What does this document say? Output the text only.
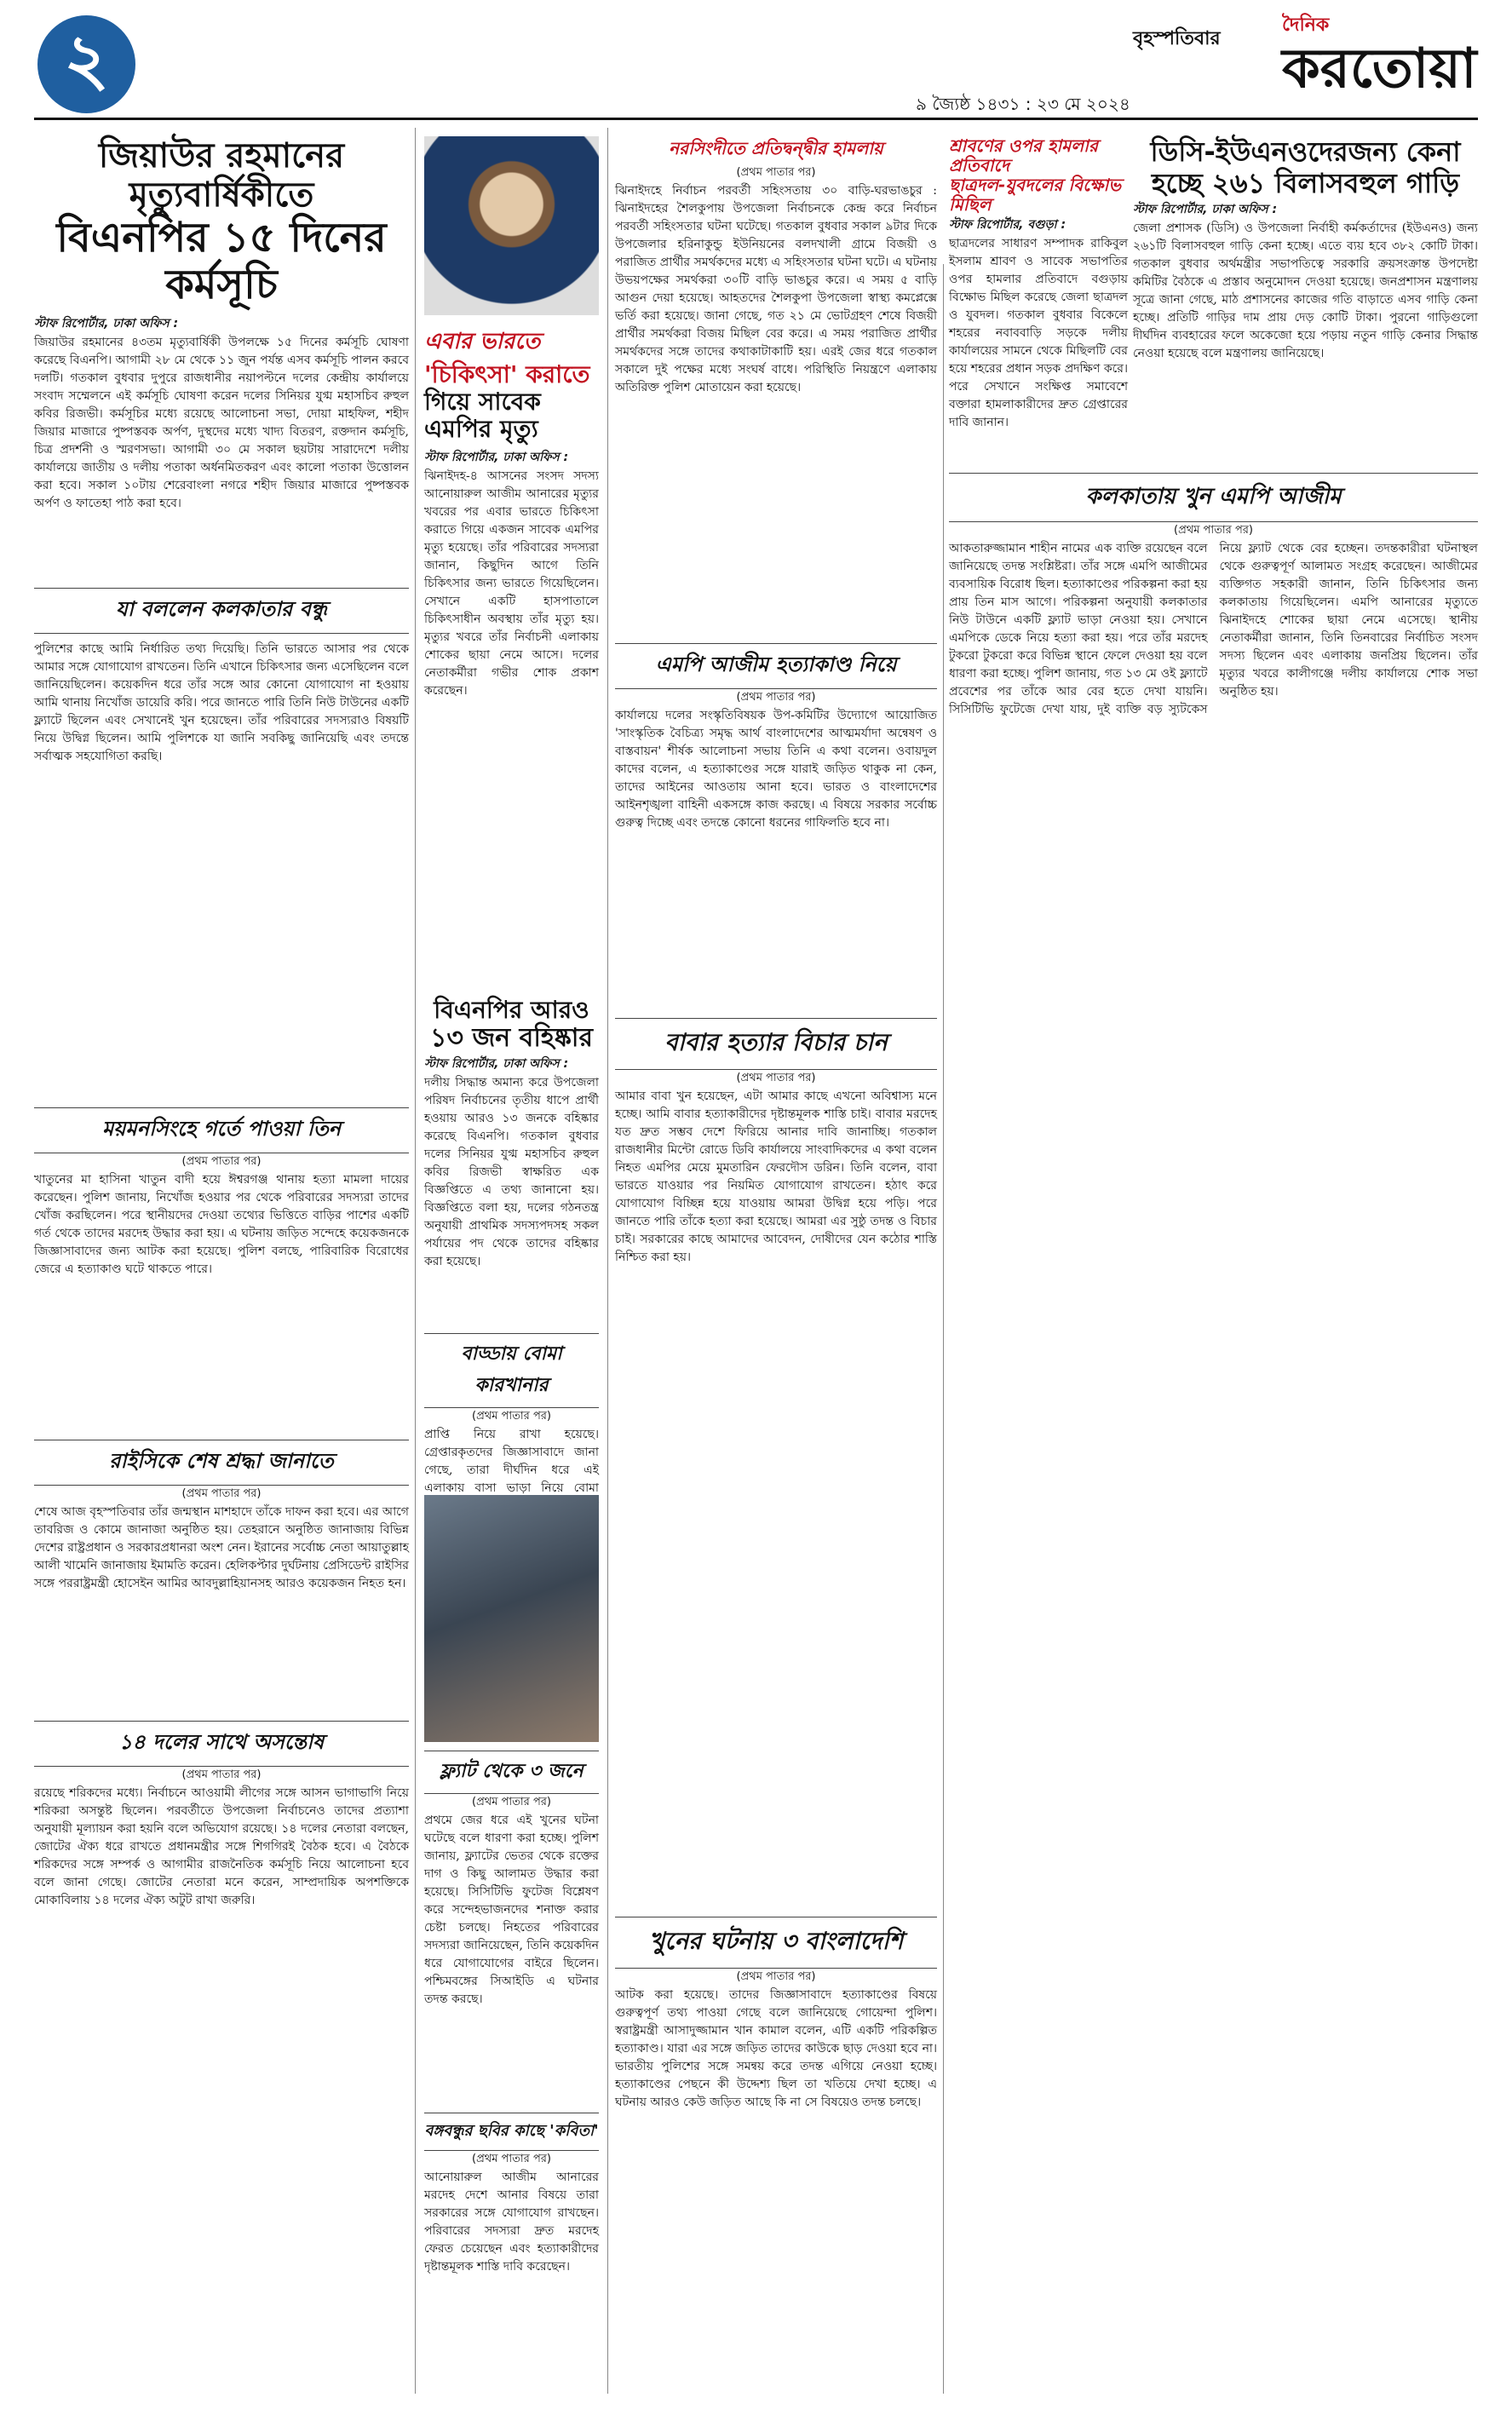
২	বৃহস্পতিবার
৯ জ্যৈষ্ঠ ১৪৩১ : ২৩ মে ২০২৪
দৈনিক
করতোয়া
জিয়াউর রহমানের মৃত্যুবার্ষিকীতে
বিএনপির ১৫ দিনের কর্মসূচি
স্টাফ রিপোর্টার, ঢাকা অফিস :
জিয়াউর রহমানের ৪৩তম মৃত্যুবার্ষিকী উপলক্ষে ১৫ দিনের কর্মসূচি ঘোষণা করেছে বিএনপি। আগামী ২৮ মে থেকে ১১ জুন পর্যন্ত এসব কর্মসূচি পালন করবে দলটি। গতকাল বুধবার দুপুরে রাজধানীর নয়াপল্টনে দলের কেন্দ্রীয় কার্যালয়ে সংবাদ সম্মেলনে এই কর্মসূচি ঘোষণা করেন দলের সিনিয়র যুগ্ম মহাসচিব রুহুল কবির রিজভী। কর্মসূচির মধ্যে রয়েছে আলোচনা সভা, দোয়া মাহফিল, শহীদ জিয়ার মাজারে পুষ্পস্তবক অর্পণ, দুস্থদের মধ্যে খাদ্য বিতরণ, রক্তদান কর্মসূচি, চিত্র প্রদর্শনী ও স্মরণসভা। আগামী ৩০ মে সকাল ছয়টায় সারাদেশে দলীয় কার্যালয়ে জাতীয় ও দলীয় পতাকা অর্ধনমিতকরণ এবং কালো পতাকা উত্তোলন করা হবে। সকাল ১০টায় শেরেবাংলা নগরে শহীদ জিয়ার মাজারে পুষ্পস্তবক অর্পণ ও ফাতেহা পাঠ করা হবে।
যা বললেন কলকাতার বন্ধু
পুলিশের কাছে আমি নির্ধারিত তথ্য দিয়েছি। তিনি ভারতে আসার পর থেকে আমার সঙ্গে যোগাযোগ রাখতেন। তিনি এখানে চিকিৎসার জন্য এসেছিলেন বলে জানিয়েছিলেন। কয়েকদিন ধরে তাঁর সঙ্গে আর কোনো যোগাযোগ না হওয়ায় আমি থানায় নিখোঁজ ডায়েরি করি। পরে জানতে পারি তিনি নিউ টাউনের একটি ফ্ল্যাটে ছিলেন এবং সেখানেই খুন হয়েছেন। তাঁর পরিবারের সদস্যরাও বিষয়টি নিয়ে উদ্বিগ্ন ছিলেন। আমি পুলিশকে যা জানি সবকিছু জানিয়েছি এবং তদন্তে সর্বাত্মক সহযোগিতা করছি।
ময়মনসিংহে গর্তে পাওয়া তিন
(প্রথম পাতার পর)
খাতুনের মা হাসিনা খাতুন বাদী হয়ে ঈশ্বরগঞ্জ থানায় হত্যা মামলা দায়ের করেছেন। পুলিশ জানায়, নিখোঁজ হওয়ার পর থেকে পরিবারের সদস্যরা তাদের খোঁজ করছিলেন। পরে স্থানীয়দের দেওয়া তথ্যের ভিত্তিতে বাড়ির পাশের একটি গর্ত থেকে তাদের মরদেহ উদ্ধার করা হয়। এ ঘটনায় জড়িত সন্দেহে কয়েকজনকে জিজ্ঞাসাবাদের জন্য আটক করা হয়েছে। পুলিশ বলছে, পারিবারিক বিরোধের জেরে এ হত্যাকাণ্ড ঘটে থাকতে পারে।
রাইসিকে শেষ শ্রদ্ধা জানাতে
(প্রথম পাতার পর)
শেষে আজ বৃহস্পতিবার তাঁর জন্মস্থান মাশহাদে তাঁকে দাফন করা হবে। এর আগে তাবরিজ ও কোমে জানাজা অনুষ্ঠিত হয়। তেহরানে অনুষ্ঠিত জানাজায় বিভিন্ন দেশের রাষ্ট্রপ্রধান ও সরকারপ্রধানরা অংশ নেন। ইরানের সর্বোচ্চ নেতা আয়াতুল্লাহ আলী খামেনি জানাজায় ইমামতি করেন। হেলিকপ্টার দুর্ঘটনায় প্রেসিডেন্ট রাইসির সঙ্গে পররাষ্ট্রমন্ত্রী হোসেইন আমির আবদুল্লাহিয়ানসহ আরও কয়েকজন নিহত হন।
১৪ দলের সাথে অসন্তোষ
(প্রথম পাতার পর)
রয়েছে শরিকদের মধ্যে। নির্বাচনে আওয়ামী লীগের সঙ্গে আসন ভাগাভাগি নিয়ে শরিকরা অসন্তুষ্ট ছিলেন। পরবর্তীতে উপজেলা নির্বাচনেও তাদের প্রত্যাশা অনুযায়ী মূল্যায়ন করা হয়নি বলে অভিযোগ রয়েছে। ১৪ দলের নেতারা বলছেন, জোটের ঐক্য ধরে রাখতে প্রধানমন্ত্রীর সঙ্গে শিগগিরই বৈঠক হবে। এ বৈঠকে শরিকদের সঙ্গে সম্পর্ক ও আগামীর রাজনৈতিক কর্মসূচি নিয়ে আলোচনা হবে বলে জানা গেছে। জোটের নেতারা মনে করেন, সাম্প্রদায়িক অপশক্তিকে মোকাবিলায় ১৪ দলের ঐক্য অটুট রাখা জরুরি।
এবার ভারতে
'চিকিৎসা' করাতে
গিয়ে সাবেক
এমপির মৃত্যু
স্টাফ রিপোর্টার, ঢাকা অফিস :
ঝিনাইদহ-৪ আসনের সংসদ সদস্য আনোয়ারুল আজীম আনারের মৃত্যুর খবরের পর এবার ভারতে চিকিৎসা করাতে গিয়ে একজন সাবেক এমপির মৃত্যু হয়েছে। তাঁর পরিবারের সদস্যরা জানান, কিছুদিন আগে তিনি চিকিৎসার জন্য ভারতে গিয়েছিলেন। সেখানে একটি হাসপাতালে চিকিৎসাধীন অবস্থায় তাঁর মৃত্যু হয়। মৃত্যুর খবরে তাঁর নির্বাচনী এলাকায় শোকের ছায়া নেমে আসে। দলের নেতাকর্মীরা গভীর শোক প্রকাশ করেছেন।
বিএনপির আরও
১৩ জন বহিষ্কার
স্টাফ রিপোর্টার, ঢাকা অফিস :
দলীয় সিদ্ধান্ত অমান্য করে উপজেলা পরিষদ নির্বাচনের তৃতীয় ধাপে প্রার্থী হওয়ায় আরও ১৩ জনকে বহিষ্কার করেছে বিএনপি। গতকাল বুধবার দলের সিনিয়র যুগ্ম মহাসচিব রুহুল কবির রিজভী স্বাক্ষরিত এক বিজ্ঞপ্তিতে এ তথ্য জানানো হয়। বিজ্ঞপ্তিতে বলা হয়, দলের গঠনতন্ত্র অনুযায়ী প্রাথমিক সদস্যপদসহ সকল পর্যায়ের পদ থেকে তাদের বহিষ্কার করা হয়েছে।
বাড্ডায় বোমা কারখানার
(প্রথম পাতার পর)
প্রাপ্তি নিয়ে রাখা হয়েছে। গ্রেপ্তারকৃতদের জিজ্ঞাসাবাদে জানা গেছে, তারা দীর্ঘদিন ধরে এই এলাকায় বাসা ভাড়া নিয়ে বোমা
ফ্ল্যাট থেকে ৩ জনে
(প্রথম পাতার পর)
প্রথমে জের ধরে এই খুনের ঘটনা ঘটেছে বলে ধারণা করা হচ্ছে। পুলিশ জানায়, ফ্ল্যাটের ভেতর থেকে রক্তের দাগ ও কিছু আলামত উদ্ধার করা হয়েছে। সিসিটিভি ফুটেজ বিশ্লেষণ করে সন্দেহভাজনদের শনাক্ত করার চেষ্টা চলছে। নিহতের পরিবারের সদস্যরা জানিয়েছেন, তিনি কয়েকদিন ধরে যোগাযোগের বাইরে ছিলেন। পশ্চিমবঙ্গের সিআইডি এ ঘটনার তদন্ত করছে।
বঙ্গবন্ধুর ছবির কাছে 'কবিতা'
(প্রথম পাতার পর)
আনোয়ারুল আজীম আনারের মরদেহ দেশে আনার বিষয়ে তারা সরকারের সঙ্গে যোগাযোগ রাখছেন। পরিবারের সদস্যরা দ্রুত মরদেহ ফেরত চেয়েছেন এবং হত্যাকারীদের দৃষ্টান্তমূলক শাস্তি দাবি করেছেন।
নরসিংদীতে প্রতিদ্বন্দ্বীর হামলায়
(প্রথম পাতার পর)
ঝিনাইদহে নির্বাচন পরবর্তী সহিংসতায় ৩০ বাড়ি-ঘরভাঙচুর : ঝিনাইদহের শৈলকুপায় উপজেলা নির্বাচনকে কেন্দ্র করে নির্বাচন পরবর্তী সহিংসতার ঘটনা ঘটেছে। গতকাল বুধবার সকাল ৯টার দিকে উপজেলার হরিনাকুন্ডু ইউনিয়নের বলদখালী গ্রামে বিজয়ী ও পরাজিত প্রার্থীর সমর্থকদের মধ্যে এ সহিংসতার ঘটনা ঘটে। এ ঘটনায় উভয়পক্ষের সমর্থকরা ৩০টি বাড়ি ভাঙচুর করে। এ সময় ৫ বাড়ি আগুন দেয়া হয়েছে। আহতদের শৈলকুপা উপজেলা স্বাস্থ্য কমপ্লেক্সে ভর্তি করা হয়েছে। জানা গেছে, গত ২১ মে ভোটগ্রহণ শেষে বিজয়ী প্রার্থীর সমর্থকরা বিজয় মিছিল বের করে। এ সময় পরাজিত প্রার্থীর সমর্থকদের সঙ্গে তাদের কথাকাটাকাটি হয়। এরই জের ধরে গতকাল সকালে দুই পক্ষের মধ্যে সংঘর্ষ বাধে। পরিস্থিতি নিয়ন্ত্রণে এলাকায় অতিরিক্ত পুলিশ মোতায়েন করা হয়েছে।
এমপি আজীম হত্যাকাণ্ড নিয়ে
(প্রথম পাতার পর)
কার্যালয়ে দলের সংস্কৃতিবিষয়ক উপ-কমিটির উদ্যোগে আয়োজিত 'সাংস্কৃতিক বৈচিত্র্য সমৃদ্ধ আর্থ বাংলাদেশের আত্মমর্যাদা অন্বেষণ ও বাস্তবায়ন' শীর্ষক আলোচনা সভায় তিনি এ কথা বলেন। ওবায়দুল কাদের বলেন, এ হত্যাকাণ্ডের সঙ্গে যারাই জড়িত থাকুক না কেন, তাদের আইনের আওতায় আনা হবে। ভারত ও বাংলাদেশের আইনশৃঙ্খলা বাহিনী একসঙ্গে কাজ করছে। এ বিষয়ে সরকার সর্বোচ্চ গুরুত্ব দিচ্ছে এবং তদন্তে কোনো ধরনের গাফিলতি হবে না।
বাবার হত্যার বিচার চান
(প্রথম পাতার পর)
আমার বাবা খুন হয়েছেন, এটা আমার কাছে এখনো অবিশ্বাস্য মনে হচ্ছে। আমি বাবার হত্যাকারীদের দৃষ্টান্তমূলক শাস্তি চাই। বাবার মরদেহ যত দ্রুত সম্ভব দেশে ফিরিয়ে আনার দাবি জানাচ্ছি। গতকাল রাজধানীর মিন্টো রোডে ডিবি কার্যালয়ে সাংবাদিকদের এ কথা বলেন নিহত এমপির মেয়ে মুমতারিন ফেরদৌস ডরিন। তিনি বলেন, বাবা ভারতে যাওয়ার পর নিয়মিত যোগাযোগ রাখতেন। হঠাৎ করে যোগাযোগ বিচ্ছিন্ন হয়ে যাওয়ায় আমরা উদ্বিগ্ন হয়ে পড়ি। পরে জানতে পারি তাঁকে হত্যা করা হয়েছে। আমরা এর সুষ্ঠু তদন্ত ও বিচার চাই। সরকারের কাছে আমাদের আবেদন, দোষীদের যেন কঠোর শাস্তি নিশ্চিত করা হয়।
খুনের ঘটনায় ৩ বাংলাদেশি
(প্রথম পাতার পর)
আটক করা হয়েছে। তাদের জিজ্ঞাসাবাদে হত্যাকাণ্ডের বিষয়ে গুরুত্বপূর্ণ তথ্য পাওয়া গেছে বলে জানিয়েছে গোয়েন্দা পুলিশ। স্বরাষ্ট্রমন্ত্রী আসাদুজ্জামান খান কামাল বলেন, এটি একটি পরিকল্পিত হত্যাকাণ্ড। যারা এর সঙ্গে জড়িত তাদের কাউকে ছাড় দেওয়া হবে না। ভারতীয় পুলিশের সঙ্গে সমন্বয় করে তদন্ত এগিয়ে নেওয়া হচ্ছে। হত্যাকাণ্ডের পেছনে কী উদ্দেশ্য ছিল তা খতিয়ে দেখা হচ্ছে। এ ঘটনায় আরও কেউ জড়িত আছে কি না সে বিষয়েও তদন্ত চলছে।
শ্রাবণের ওপর হামলার প্রতিবাদে
ছাত্রদল-যুবদলের বিক্ষোভ মিছিল
স্টাফ রিপোর্টার, বগুড়া :
ছাত্রদলের সাধারণ সম্পাদক রাকিবুল ইসলাম শ্রাবণ ও সাবেক সভাপতির ওপর হামলার প্রতিবাদে বগুড়ায় বিক্ষোভ মিছিল করেছে জেলা ছাত্রদল ও যুবদল। গতকাল বুধবার বিকেলে শহরের নবাববাড়ি সড়কে দলীয় কার্যালয়ের সামনে থেকে মিছিলটি বের হয়ে শহরের প্রধান সড়ক প্রদক্ষিণ করে। পরে সেখানে সংক্ষিপ্ত সমাবেশে বক্তারা হামলাকারীদের দ্রুত গ্রেপ্তারের দাবি জানান।
ডিসি-ইউএনওদেরজন্য কেনা
হচ্ছে ২৬১ বিলাসবহুল গাড়ি
স্টাফ রিপোর্টার, ঢাকা অফিস :
জেলা প্রশাসক (ডিসি) ও উপজেলা নির্বাহী কর্মকর্তাদের (ইউএনও) জন্য ২৬১টি বিলাসবহুল গাড়ি কেনা হচ্ছে। এতে ব্যয় হবে ৩৮২ কোটি টাকা। গতকাল বুধবার অর্থমন্ত্রীর সভাপতিত্বে সরকারি ক্রয়সংক্রান্ত উপদেষ্টা কমিটির বৈঠকে এ প্রস্তাব অনুমোদন দেওয়া হয়েছে। জনপ্রশাসন মন্ত্রণালয় সূত্রে জানা গেছে, মাঠ প্রশাসনের কাজের গতি বাড়াতে এসব গাড়ি কেনা হচ্ছে। প্রতিটি গাড়ির দাম প্রায় দেড় কোটি টাকা। পুরনো গাড়িগুলো দীর্ঘদিন ব্যবহারের ফলে অকেজো হয়ে পড়ায় নতুন গাড়ি কেনার সিদ্ধান্ত নেওয়া হয়েছে বলে মন্ত্রণালয় জানিয়েছে।
কলকাতায় খুন এমপি আজীম
(প্রথম পাতার পর)
আকতারুজ্জামান শাহীন নামের এক ব্যক্তি রয়েছেন বলে জানিয়েছে তদন্ত সংশ্লিষ্টরা। তাঁর সঙ্গে এমপি আজীমের ব্যবসায়িক বিরোধ ছিল। হত্যাকাণ্ডের পরিকল্পনা করা হয় প্রায় তিন মাস আগে। পরিকল্পনা অনুযায়ী কলকাতার নিউ টাউনে একটি ফ্ল্যাট ভাড়া নেওয়া হয়। সেখানে এমপিকে ডেকে নিয়ে হত্যা করা হয়। পরে তাঁর মরদেহ টুকরো টুকরো করে বিভিন্ন স্থানে ফেলে দেওয়া হয় বলে ধারণা করা হচ্ছে। পুলিশ জানায়, গত ১৩ মে ওই ফ্ল্যাটে প্রবেশের পর তাঁকে আর বের হতে দেখা যায়নি। সিসিটিভি ফুটেজে দেখা যায়, দুই ব্যক্তি বড় স্যুটকেস নিয়ে ফ্ল্যাট থেকে বের হচ্ছেন। তদন্তকারীরা ঘটনাস্থল থেকে গুরুত্বপূর্ণ আলামত সংগ্রহ করেছেন। আজীমের ব্যক্তিগত সহকারী জানান, তিনি চিকিৎসার জন্য কলকাতায় গিয়েছিলেন। এমপি আনারের মৃত্যুতে ঝিনাইদহে শোকের ছায়া নেমে এসেছে। স্থানীয় নেতাকর্মীরা জানান, তিনি তিনবারের নির্বাচিত সংসদ সদস্য ছিলেন এবং এলাকায় জনপ্রিয় ছিলেন। তাঁর মৃত্যুর খবরে কালীগঞ্জে দলীয় কার্যালয়ে শোক সভা অনুষ্ঠিত হয়।
